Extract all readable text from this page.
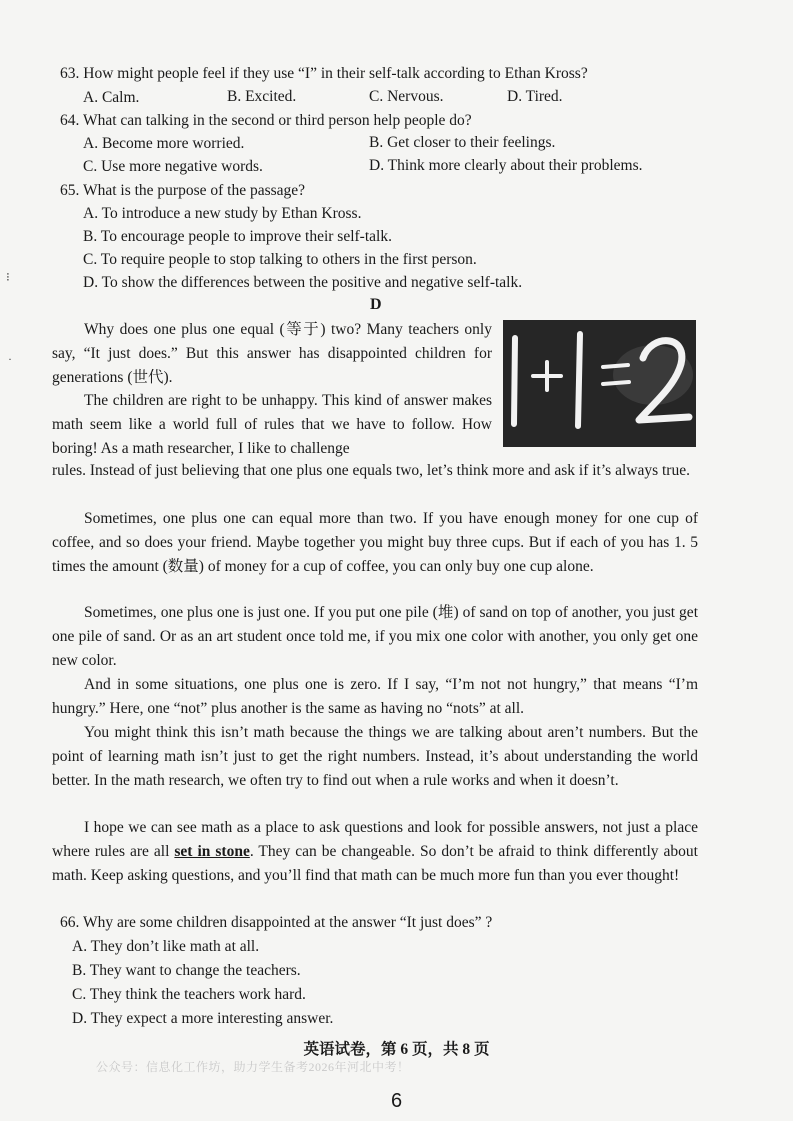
63. How might people feel if they use “I” in their self-talk according to Ethan Kross?
A. Calm.	B. Excited.	C. Nervous.	D. Tired.
64. What can talking in the second or third person help people do?
A. Become more worried.	B. Get closer to their feelings.
C. Use more negative words.	D. Think more clearly about their problems.
65. What is the purpose of the passage?
A. To introduce a new study by Ethan Kross.
B. To encourage people to improve their self-talk.
C. To require people to stop talking to others in the first person.
D. To show the differences between the positive and negative self-talk.
⁝
·
D

Why does one plus one equal (等于) two? Many teachers only say, “It just does.” But this answer has disappointed children for generations (世代).

The children are right to be unhappy. This kind of answer makes math seem like a world full of rules that we have to follow. How boring! As a math researcher, I like to challenge

rules. Instead of just believing that one plus one equals two, let’s think more and ask if it’s always true.

Sometimes, one plus one can equal more than two. If you have enough money for one cup of coffee, and so does your friend. Maybe together you might buy three cups. But if each of you has 1. 5 times the amount (数量) of money for a cup of coffee, you can only buy one cup alone.

Sometimes, one plus one is just one. If you put one pile (堆) of sand on top of another, you just get one pile of sand. Or as an art student once told me, if you mix one color with another, you only get one new color.

And in some situations, one plus one is zero. If I say, “I’m not not hungry,” that means “I’m hungry.” Here, one “not” plus another is the same as having no “nots” at all.

You might think this isn’t math because the things we are talking about aren’t numbers. But the point of learning math isn’t just to get the right numbers. Instead, it’s about understanding the world better. In the math research, we often try to find out when a rule works and when it doesn’t.

I hope we can see math as a place to ask questions and look for possible answers, not just a place where rules are all set in stone. They can be changeable. So don’t be afraid to think differently about math. Keep asking questions, and you’ll find that math can be much more fun than you ever thought!

66. Why are some children disappointed at the answer “It just does” ?
A. They don’t like math at all.
B. They want to change the teachers.
C. They think the teachers work hard.
D. They expect a more interesting answer.
英语试卷，第 6 页，共 8 页
公众号：信息化工作坊，助力学生备考2026年河北中考！
6
